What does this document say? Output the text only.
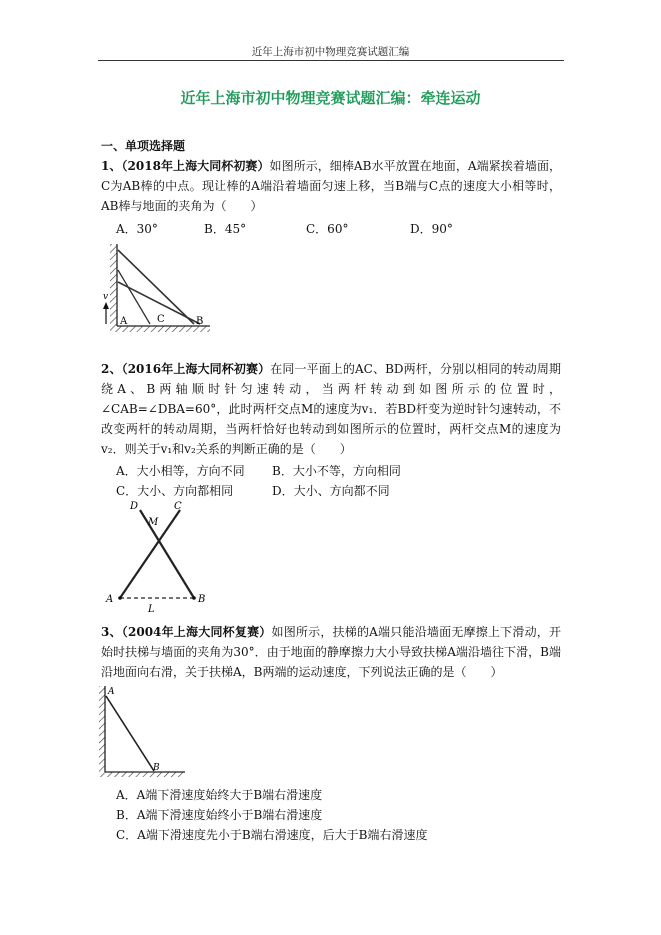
近年上海市初中物理竞赛试题汇编
近年上海市初中物理竞赛试题汇编：牵连运动
一、单项选择题
1、（2018年上海大同杯初赛）如图所示，细棒AB水平放置在地面，A端紧挨着墙面，C为AB棒的中点。现让棒的A端沿着墙面匀速上移，当B端与C点的速度大小相等时，AB棒与地面的夹角为（　　）
A．30°	B．45°	C．60°	D．90°
v
A	C	B
2、（2016年上海大同杯初赛）在同一平面上的AC、BD两杆，分别以相同的转动周期绕A、B两轴顺时针匀速转动，当两杆转动到如图所示的位置时，∠CAB=∠DBA=60°，此时两杆交点M的速度为v₁．若BD杆变为逆时针匀速转动，不改变两杆的转动周期，当两杆恰好也转动到如图所示的位置时，两杆交点M的速度为v₂．则关于v₁和v₂关系的判断正确的是（　　）
A．大小相等，方向不同 B．大小不等，方向相同
C．大小、方向都相同	D．大小、方向都不同
D	C
M
A	B
L
3、（2004年上海大同杯复赛）如图所示，扶梯的A端只能沿墙面无摩擦上下滑动，开始时扶梯与墙面的夹角为30°．由于地面的静摩擦力大小导致扶梯A端沿墙往下滑，B端沿地面向右滑，关于扶梯A，B两端的运动速度，下列说法正确的是（　　）
A
B
A．A端下滑速度始终大于B端右滑速度
B．A端下滑速度始终小于B端右滑速度
C．A端下滑速度先小于B端右滑速度，后大于B端右滑速度
